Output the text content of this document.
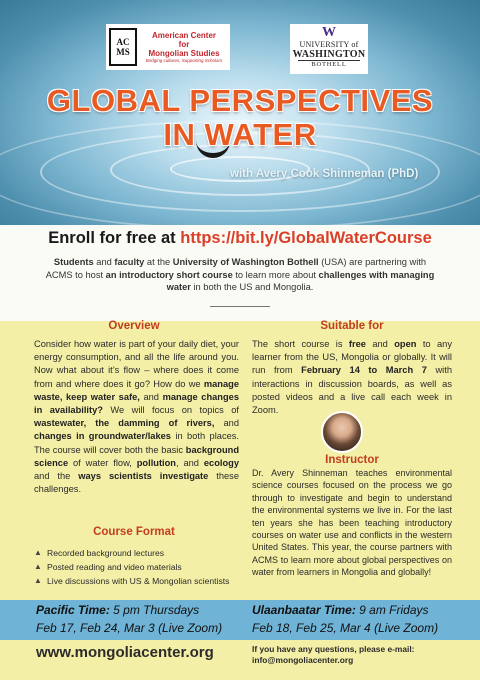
AC
MS
American Center
for
Mongolian Studies
Bridging cultures, Supporting Scholars
W
UNIVERSITY of
WASHINGTON
BOTHELL
GLOBAL PERSPECTIVES
IN WATER
with Avery Cook Shinneman (PhD)
Enroll for free at https://bit.ly/GlobalWaterCourse
Students and faculty at the University of Washington Bothell (USA) are partnering with ACMS to host an introductory short course to learn more about challenges with managing water in both the US and Mongolia.
Overview
Consider how water is part of your daily diet, your energy consumption, and all the life around you. Now what about it’s flow – where does it come from and where does it go? How do we manage waste, keep water safe, and manage changes in availability? We will focus on topics of wastewater, the damming of rivers, and changes in groundwater/lakes in both places. The course will cover both the basic background science of water flow, pollution, and ecology and the ways scientists investigate these challenges.
Course Format
▲ Recorded background lectures
▲ Posted reading and video materials
▲ Live discussions with US & Mongolian scientists
Suitable for
The short course is free and open to any learner from the US, Mongolia or globally. It will run from February 14 to March 7 with interactions in discussion boards, as well as posted videos and a live call each week in Zoom.
Instructor
Dr. Avery Shinneman teaches environmental science courses focused on the process we go through to investigate and begin to understand the environmental systems we live in. For the last ten years she has been teaching introductory courses on water use and conflicts in the western United States. This year, the course partners with ACMS to learn more about global perspectives on water from learners in Mongolia and globally!
Pacific Time: 5 pm Thursdays
Feb 17, Feb 24, Mar 3 (Live Zoom)
Ulaanbaatar Time: 9 am Fridays
Feb 18, Feb 25, Mar 4 (Live Zoom)
www.mongoliacenter.org	If you have any questions, please e-mail:
info@mongoliacenter.org
